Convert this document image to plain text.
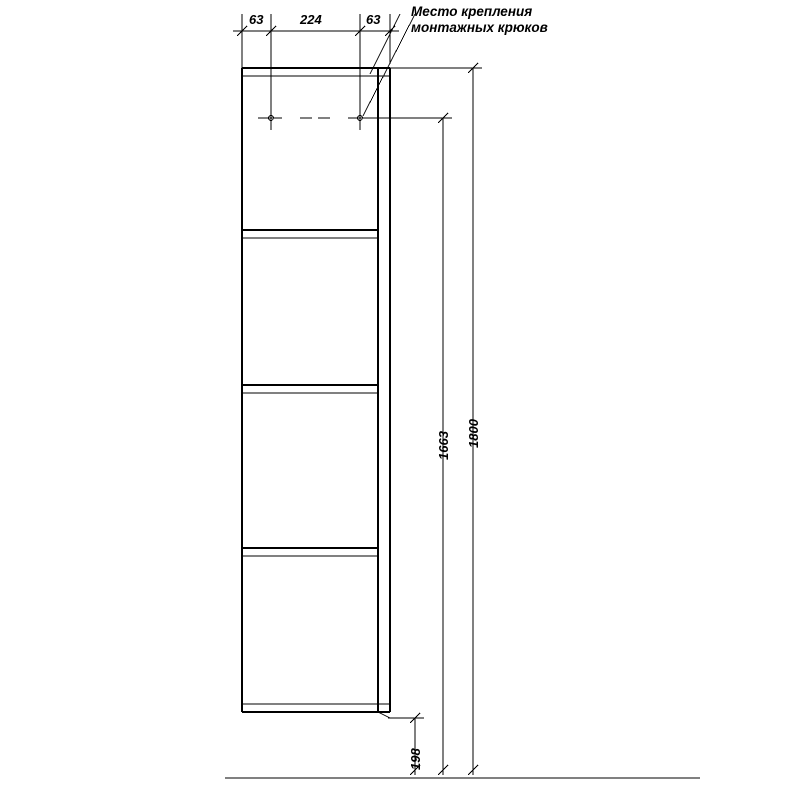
Место крепления
монтажных крюков
63	224	63
1663 1800
198
